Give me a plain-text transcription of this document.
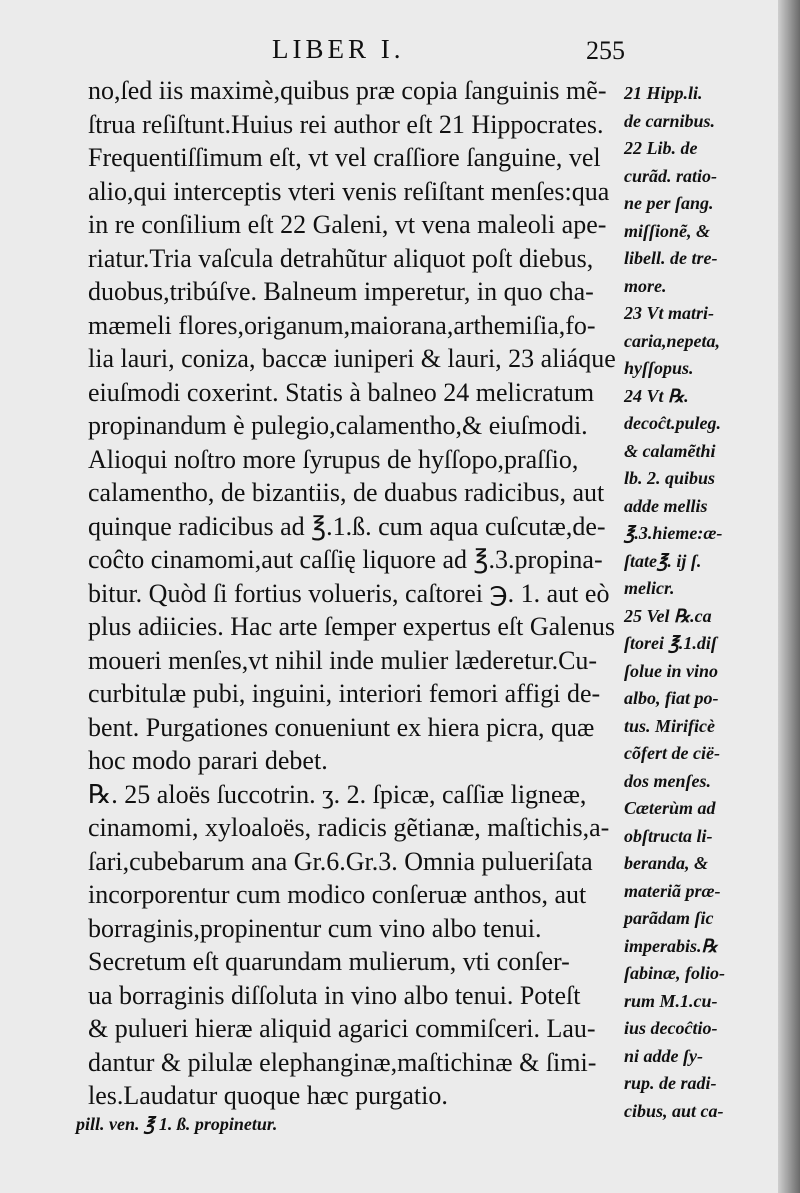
LIBER I.	255
no,ſed iis maximè,quibus præ copia ſanguinis mẽ-
ſtrua reſiſtunt.Huius rei author eſt 21 Hippocrates.
Frequentiſſimum eſt, vt vel craſſiore ſanguine, vel
alio,qui interceptis vteri venis reſiſtant menſes:qua
in re conſilium eſt 22 Galeni, vt vena maleoli ape-
riatur.Tria vaſcula detrahũtur aliquot poſt diebus,
duobus,tribúſve. Balneum imperetur, in quo cha-
mæmeli flores,origanum,maiorana,arthemiſia,fo-
lia lauri, coniza, baccæ iuniperi & lauri, 23 aliáque
eiuſmodi coxerint. Statis à balneo 24 melicratum
propinandum è pulegio,calamentho,& eiuſmodi.
Alioqui noſtro more ſyrupus de hyſſopo,praſſio,
calamentho, de bizantiis, de duabus radicibus, aut
quinque radicibus ad ℥.1.ß. cum aqua cuſcutæ,de-
coĉto cinamomi,aut caſſię liquore ad ℥.3.propina-
bitur. Quòd ſi fortius volueris, caſtorei ℈. 1. aut eò
plus adiicies. Hac arte ſemper expertus eſt Galenus
moueri menſes,vt nihil inde mulier læderetur.Cu-
curbitulæ pubi, inguini, interiori femori affigi de-
bent. Purgationes conueniunt ex hiera picra, quæ
hoc modo parari debet.
℞. 25 aloës ſuccotrin. ʒ. 2. ſpicæ, caſſiæ ligneæ,
cinamomi, xyloaloës, radicis gẽtianæ, maſtichis,a-
ſari,cubebarum ana Gr.6.Gr.3. Omnia pulueriſata
incorporentur cum modico conſeruæ anthos, aut
borraginis,propinentur cum vino albo tenui.
Secretum eſt quarundam mulierum, vti conſer-
ua borraginis diſſoluta in vino albo tenui. Poteſt
& pulueri hieræ aliquid agarici commiſceri. Lau-
dantur & pilulæ elephanginæ,maſtichinæ & ſimi-
les.Laudatur quoque hæc purgatio.
21 Hipp.li.
de carnibus.
22 Lib. de
curãd. ratio-
ne per ſang.
miſſionẽ, &
libell. de tre-
more.
23 Vt matri-
caria,nepeta,
hyſſopus.
24 Vt ℞.
decoĉt.puleg.
& calamẽthi
lb. 2. quibus
adde mellis
℥.3.hieme:æ-
ſtate℥. ij ſ.
melicr.
25 Vel ℞.ca
ſtorei ℥.1.diſ
ſolue in vino
albo, fiat po-
tus. Mirificè
cõfert de cië-
dos menſes.
Cæterùm ad
obſtructa li-
beranda, &
materiã præ-
parãdam ſic
imperabis.℞
ſabinæ, folio-
rum M.1.cu-
ius decoĉtio-
ni adde ſy-
rup. de radi-
cibus, aut ca-
pill. ven. ℥ 1. ß. propinetur.
